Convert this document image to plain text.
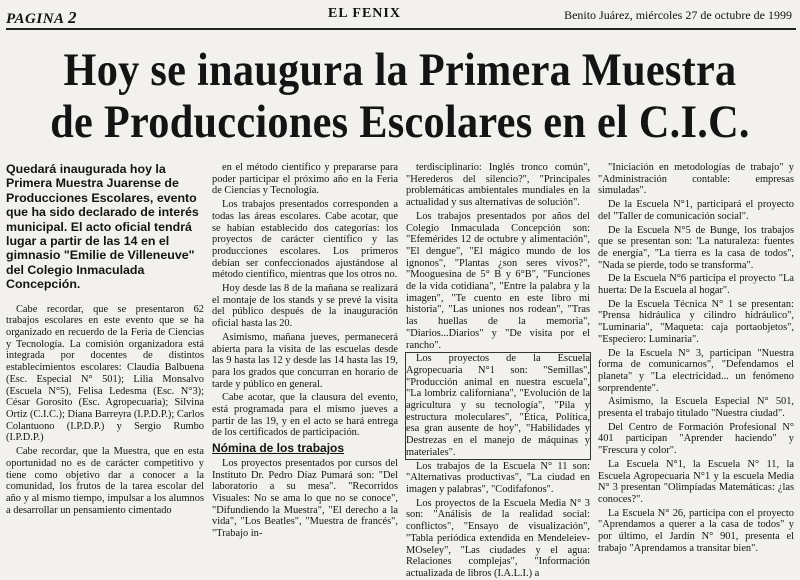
PAGINA 2	EL FENIX	Benito Juárez, miércoles 27 de octubre de 1999
Hoy se inaugura la Primera Muestra
de Producciones Escolares en el C.I.C.

Quedará inaugurada hoy la Primera Muestra Juarense de Producciones Escolares, evento que ha sido declarado de interés municipal. El acto oficial tendrá lugar a partir de las 14 en el gimnasio "Emilie de Villeneuve" del Colegio Inmaculada Concepción.

Cabe recordar, que se presentaron 62 trabajos escolares en este evento que se ha organizado en recuerdo de la Feria de Ciencias y Tecnología. La comisión organizadora está integrada por docentes de distintos establecimientos escolares: Claudia Balbuena (Esc. Especial N° 501); Lilia Monsalvo (Escuela N°5), Felisa Ledesma (Esc. N°3); César Gorosito (Esc. Agropecuaria); Silvina Ortiz (C.I.C.); Diana Barreyra (I.P.D.P.); Carlos Colantuono (I.P.D.P.) y Sergio Rumbo (I.P.D.P.)

Cabe recordar, que la Muestra, que en esta oportunidad no es de carácter competitivo y tiene como objetivo dar a conocer a la comunidad, los frutos de la tarea escolar del año y al mismo tiempo, impulsar a los alumnos a desarrollar un pensamiento cimentado

en el método científico y prepararse para poder participar el próximo año en la Feria de Ciencias y Tecnología.

Los trabajos presentados corresponden a todas las áreas escolares. Cabe acotar, que se habían establecido dos categorías: los proyectos de carácter científico y las producciones escolares. Los primeros debían ser confeccionados ajustándose al método científico, mientras que los otros no.

Hoy desde las 8 de la mañana se realizará el montaje de los stands y se prevé la visita del público después de la inauguración oficial hasta las 20.

Asimismo, mañana jueves, permanecerá abierta para la visita de las escuelas desde las 9 hasta las 12 y desde las 14 hasta las 19, para los grados que concurran en horario de tarde y público en general.

Cabe acotar, que la clausura del evento, está programada para el mismo jueves a partir de las 19, y en el acto se hará entrega de los certificados de participación.

Nómina de los trabajos

Los proyectos presentados por cursos del Instituto Dr. Pedro Díaz Pumará son: "Del laboratorio a su mesa". "Recorridos Visuales: No se ama lo que no se conoce", "Difundiendo la Muestra", "El derecho a la vida", "Los Beatles", "Muestra de francés", "Trabajo in-

terdisciplinario: Inglés tronco común", "Herederos del silencio?", "Principales problemáticas ambientales mundiales en la actualidad y sus alternativas de solución".

Los trabajos presentados por años del Colegio Inmaculada Concepción son: "Efemérides 12 de octubre y alimentación", "El dengue", "El mágico mundo de los ignonos", "Plantas ¿son seres vivos?", "Mooguesina de 5° B y 6°B", "Funciones de la vida cotidiana", "Entre la palabra y la imagen", "Te cuento en este libro mi historia", "Las uniones nos rodean", "Tras las huellas de la memoria", "Diarios...Diarios" y "De visita por el rancho".

Los proyectos de la Escuela Agropecuaria N°1 son: "Semillas", "Producción animal en nuestra escuela", "La lombriz californiana", "Evolución de la agricultura y su tecnología", "Pila y estructura moleculares", "Ética, Política, esa gran ausente de hoy", "Habilidades y Destrezas en el manejo de máquinas y materiales".

Los trabajos de la Escuela N° 11 son: "Alternativas productivas", "La ciudad en imagen y palabras", "Codifafonos".

Los proyectos de la Escuela Media N° 3 son: "Análisis de la realidad social: conflictos", "Ensayo de visualización", "Tabla periódica extendida en Mendeleiev-MOseley", "Las ciudades y el agua: Relaciones complejas", "Información actualizada de libros (I.A.L.I.) a

"Iniciación en metodologías de trabajo" y "Administración contable: empresas simuladas".

De la Escuela N°1, participará el proyecto del "Taller de comunicación social".

De la Escuela N°5 de Bunge, los trabajos que se presentan son: 'La naturaleza: fuentes de energía", "La tierra es la casa de todos", "Nada se pierde, todo se transforma".

De la Escuela N°6 participa el proyecto "La huerta: De la Escuela al hogar".

De la Escuela Técnica N° 1 se presentan: "Prensa hidráulica y cilindro hidráulico", "Luminaria", "Maqueta: caja portaobjetos", "Especiero: Luminaria".

De la Escuela N° 3, participan "Nuestra forma de comunicarnos", "Defendamos el planeta" y "La electricidad... un fenómeno sorprendente".

Asimismo, la Escuela Especial N° 501, presenta el trabajo titulado "Nuestra ciudad".

Del Centro de Formación Profesional N° 401 participan "Aprender haciendo" y "Frescura y color".

La Escuela N°1, la Escuela N° 11, la Escuela Agropecuaria N°1 y la escuela Media N° 3 presentan "Olimpíadas Matemáticas: ¿las conoces?".

La Escuela N° 26, participa con el proyecto "Aprendamos a querer a la casa de todos" y por último, el Jardín N° 901, presenta el trabajo "Aprendamos a transitar bien".
